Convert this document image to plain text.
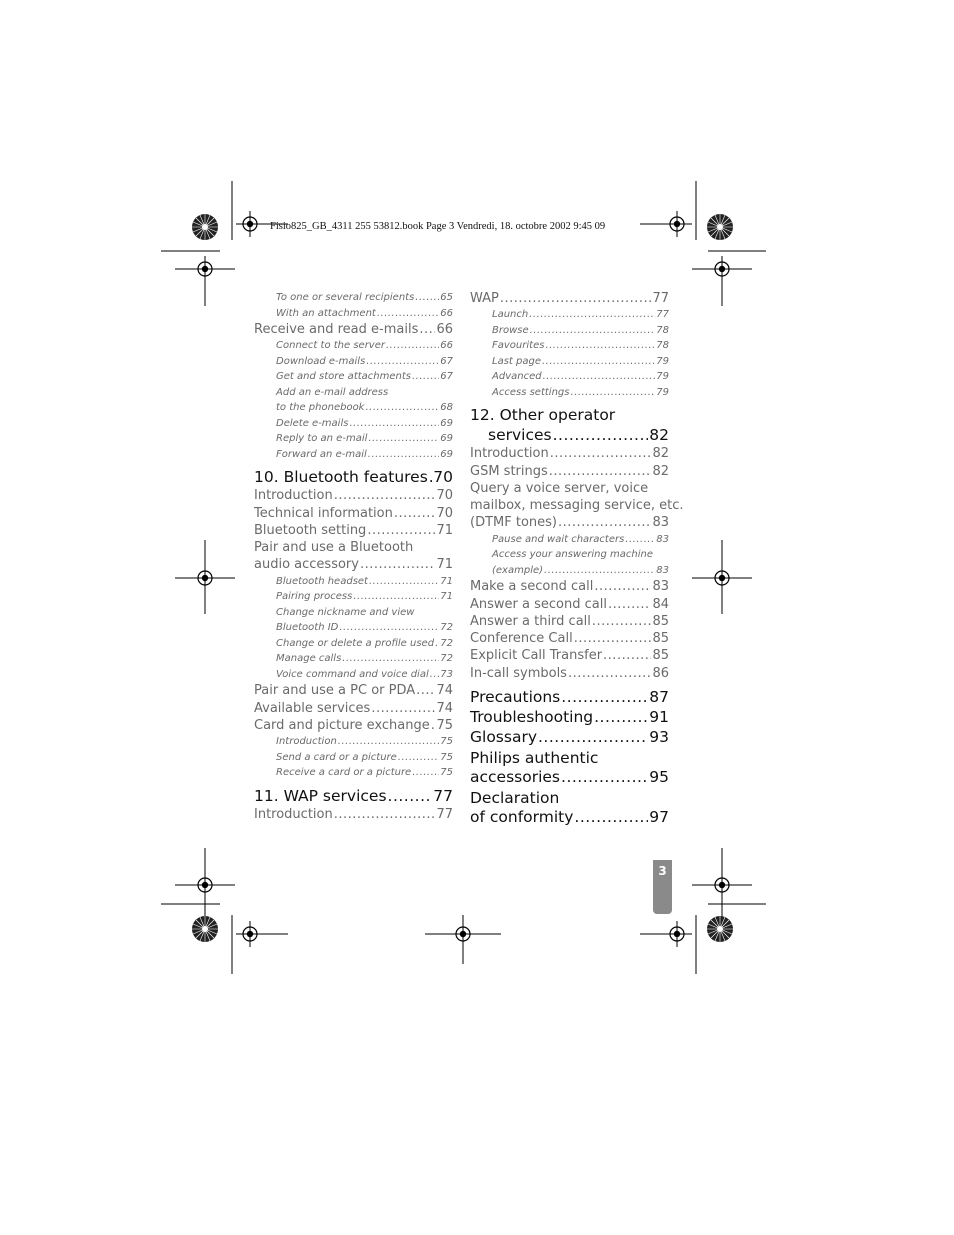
Fisio825_GB_4311 255 53812.book Page 3 Vendredi, 18. octobre 2002 9:45 09
To one or several recipients .....	65
With an attachment .....	66
Receive and read e-mails ..... 66
Connect to the server .....	66
Download e-mails .....	67
Get and store attachments .....	67
Add an e-mail address
to the phonebook .....	68
Delete e-mails .....	69
Reply to an e-mail .....	69
Forward an e-mail .....	69
10. Bluetooth features ..... 70
Introduction .....	70
Technical information .....	70
Bluetooth setting .....	71
Pair and use a Bluetooth
audio accessory .....	71
Bluetooth headset .....	71
Pairing process .....	71
Change nickname and view
Bluetooth ID .....	72
Change or delete a profile used ..... 72
Manage calls .....	72
Voice command and voice dial ..... 73
Pair and use a PC or PDA ..... 74
Available services .....	74
Card and picture exchange ..... 75
Introduction .....	75
Send a card or a picture .....	75
Receive a card or a picture .....	75
11. WAP services .....	77
Introduction .....	77
WAP .....	77
Launch .....	77
Browse .....	78
Favourites .....	78
Last page .....	79
Advanced .....	79
Access settings .....	79
12. Other operator
services .....	82
Introduction .....	82
GSM strings .....	82
Query a voice server, voice
mailbox, messaging service, etc.
(DTMF tones) .....	83
Pause and wait characters .....	83
Access your answering machine
(example) .....	83
Make a second call .....	83
Answer a second call .....	84
Answer a third call .....	85
Conference Call .....	85
Explicit Call Transfer .....	85
In-call symbols .....	86
Precautions .....	87
Troubleshooting .....	91
Glossary .....	93
Philips authentic
accessories .....	95
Declaration
of conformity .....	97
3
